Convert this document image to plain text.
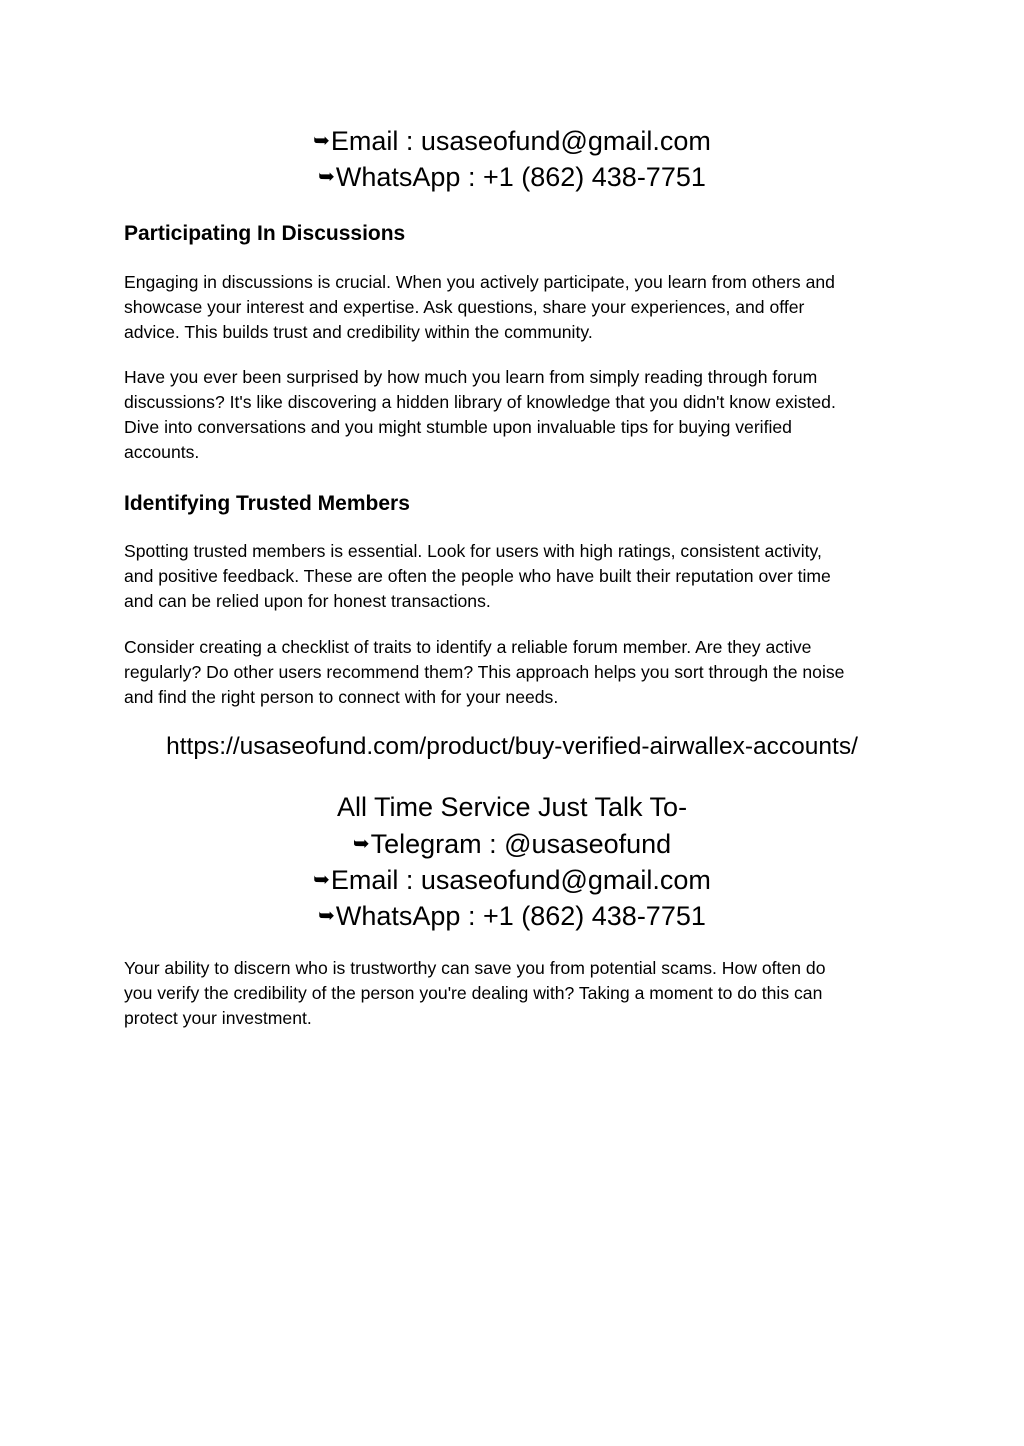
➥Email : usaseofund@gmail.com
➥WhatsApp : +1 (862) 438-7751
Participating In Discussions
Engaging in discussions is crucial. When you actively participate, you learn from others and
showcase your interest and expertise. Ask questions, share your experiences, and offer
advice. This builds trust and credibility within the community.
Have you ever been surprised by how much you learn from simply reading through forum
discussions? It's like discovering a hidden library of knowledge that you didn't know existed.
Dive into conversations and you might stumble upon invaluable tips for buying verified
accounts.
Identifying Trusted Members
Spotting trusted members is essential. Look for users with high ratings, consistent activity,
and positive feedback. These are often the people who have built their reputation over time
and can be relied upon for honest transactions.
Consider creating a checklist of traits to identify a reliable forum member. Are they active
regularly? Do other users recommend them? This approach helps you sort through the noise
and find the right person to connect with for your needs.
https://usaseofund.com/product/buy-verified-airwallex-accounts/
All Time Service Just Talk To-
➥Telegram : @usaseofund
➥Email : usaseofund@gmail.com
➥WhatsApp : +1 (862) 438-7751
Your ability to discern who is trustworthy can save you from potential scams. How often do
you verify the credibility of the person you're dealing with? Taking a moment to do this can
protect your investment.
